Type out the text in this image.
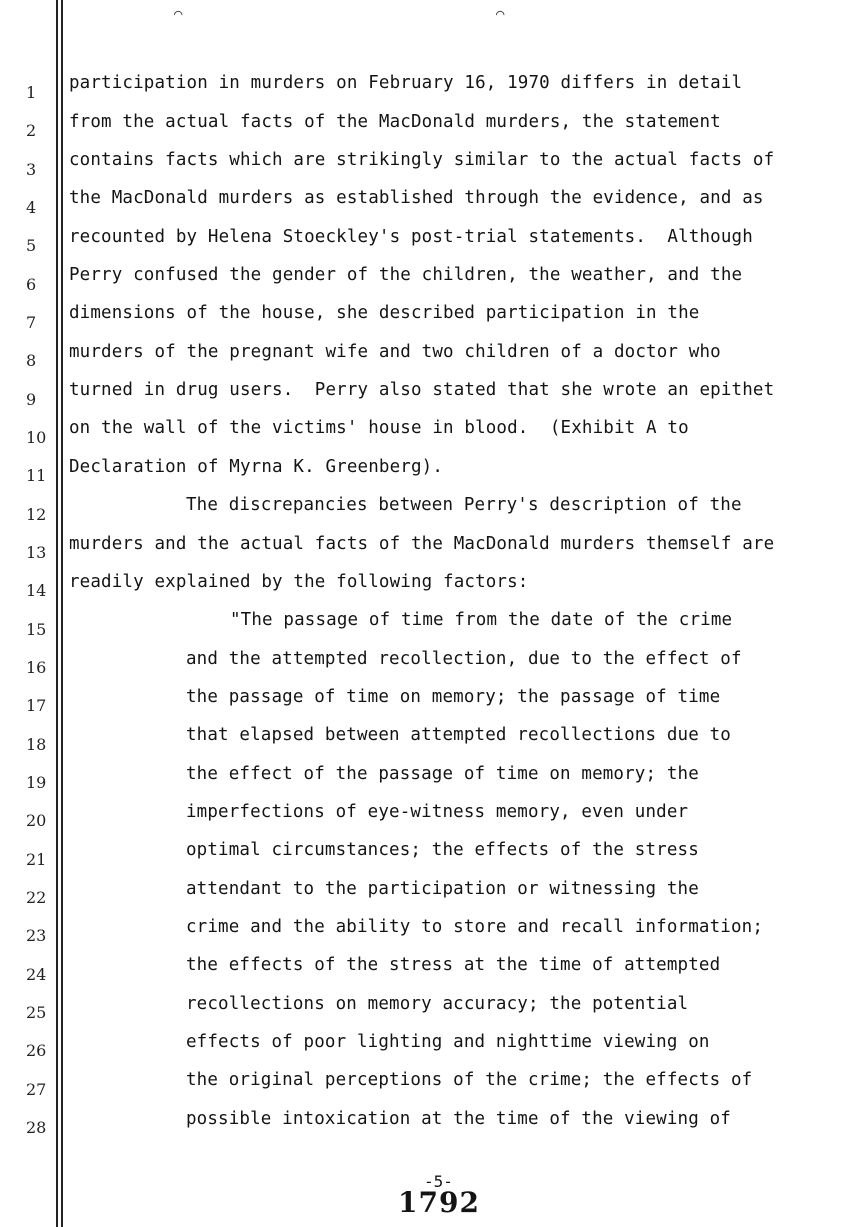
⌒	⌒
1
2
3
4
5
6
7
8
9
10
11
12
13
14
15
16
17
18
19
20
21
22
23
24
25
26
27
28
participation in murders on February 16, 1970 differs in detail
from the actual facts of the MacDonald murders, the statement
contains facts which are strikingly similar to the actual facts of
the MacDonald murders as established through the evidence, and as
recounted by Helena Stoeckley's post-trial statements.  Although
Perry confused the gender of the children, the weather, and the
dimensions of the house, she described participation in the
murders of the pregnant wife and two children of a doctor who
turned in drug users.  Perry also stated that she wrote an epithet
on the wall of the victims' house in blood.  (Exhibit A to
Declaration of Myrna K. Greenberg).
The discrepancies between Perry's description of the
murders and the actual facts of the MacDonald murders themself are
readily explained by the following factors:
"The passage of time from the date of the crime
and the attempted recollection, due to the effect of
the passage of time on memory; the passage of time
that elapsed between attempted recollections due to
the effect of the passage of time on memory; the
imperfections of eye-witness memory, even under
optimal circumstances; the effects of the stress
attendant to the participation or witnessing the
crime and the ability to store and recall information;
the effects of the stress at the time of attempted
recollections on memory accuracy; the potential
effects of poor lighting and nighttime viewing on
the original perceptions of the crime; the effects of
possible intoxication at the time of the viewing of
-5-
1792
